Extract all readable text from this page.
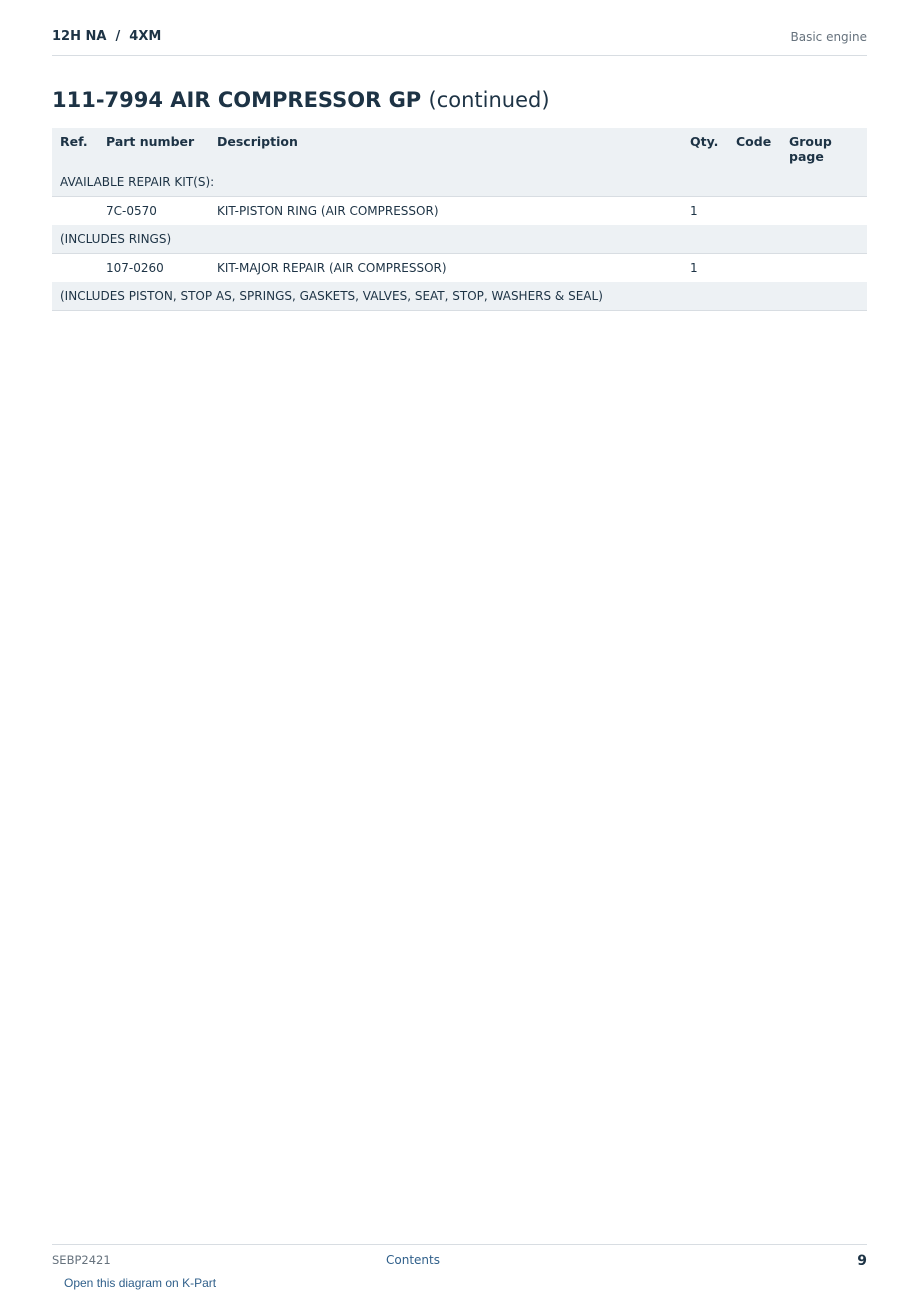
12H NA  /  4XM	Basic engine
111-7994 AIR COMPRESSOR GP (continued)
Ref.	Part number	Description	Qty.	Code	Group page
AVAILABLE REPAIR KIT(S):					
	7C-0570	KIT-PISTON RING (AIR COMPRESSOR)	1		
(INCLUDES RINGS)					
	107-0260	KIT-MAJOR REPAIR (AIR COMPRESSOR)	1		
(INCLUDES PISTON, STOP AS, SPRINGS, GASKETS, VALVES, SEAT, STOP, WASHERS & SEAL)					
SEBP2421	Contents	9
Open this diagram on K-Part
